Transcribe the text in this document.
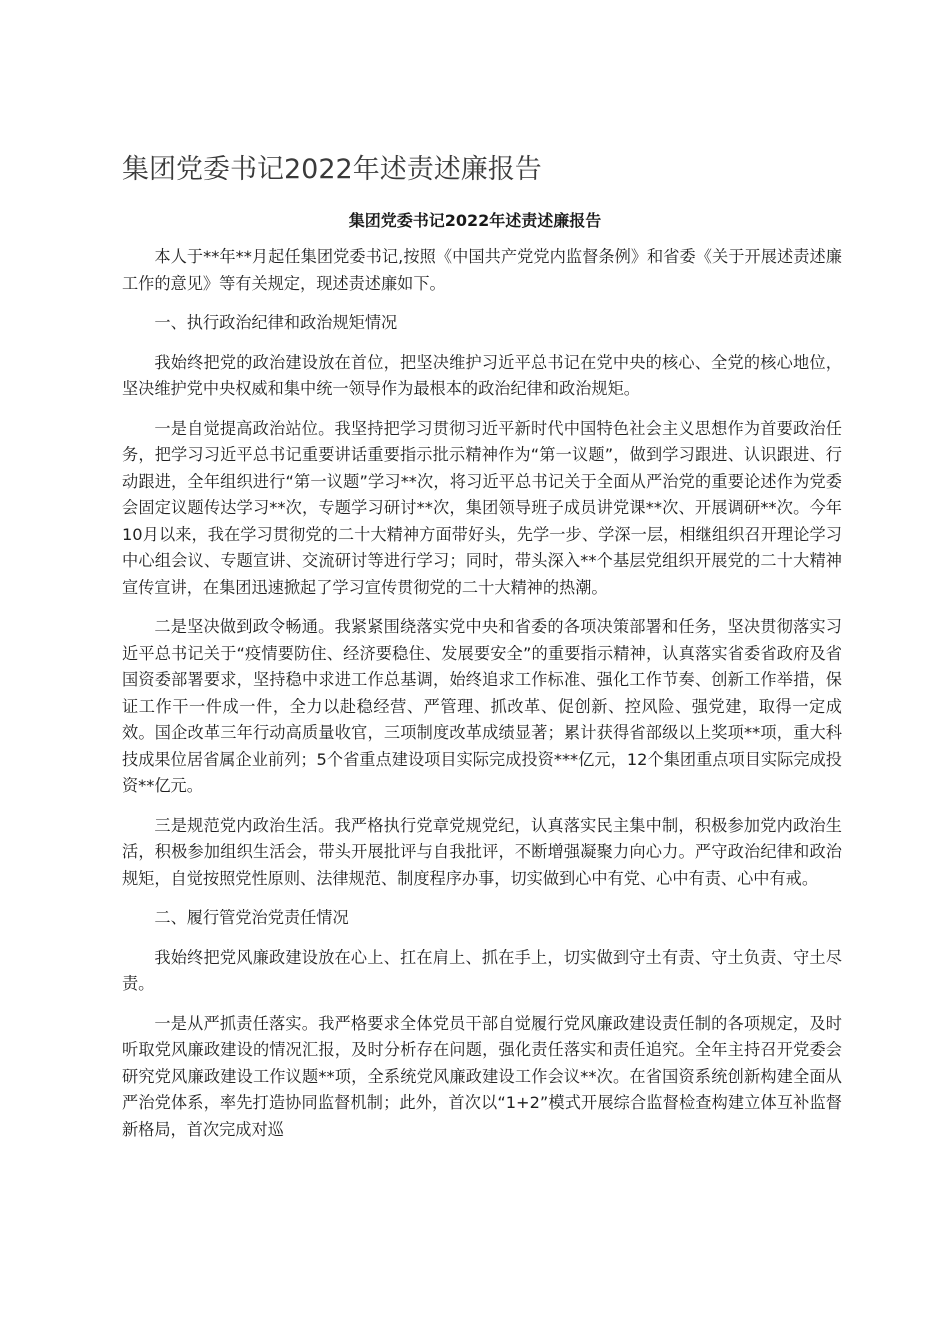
集团党委书记2022年述责述廉报告
集团党委书记2022年述责述廉报告

本人于**年**月起任集团党委书记,按照《中国共产党党内监督条例》和省委《关于开展述责述廉工作的意见》等有关规定，现述责述廉如下。

一、执行政治纪律和政治规矩情况

我始终把党的政治建设放在首位，把坚决维护习近平总书记在党中央的核心、全党的核心地位，坚决维护党中央权威和集中统一领导作为最根本的政治纪律和政治规矩。

一是自觉提高政治站位。我坚持把学习贯彻习近平新时代中国特色社会主义思想作为首要政治任务，把学习习近平总书记重要讲话重要指示批示精神作为“第一议题”，做到学习跟进、认识跟进、行动跟进，全年组织进行“第一议题”学习**次，将习近平总书记关于全面从严治党的重要论述作为党委会固定议题传达学习**次，专题学习研讨**次，集团领导班子成员讲党课**次、开展调研**次。今年10月以来，我在学习贯彻党的二十大精神方面带好头，先学一步、学深一层，相继组织召开理论学习中心组会议、专题宣讲、交流研讨等进行学习；同时，带头深入**个基层党组织开展党的二十大精神宣传宣讲，在集团迅速掀起了学习宣传贯彻党的二十大精神的热潮。

二是坚决做到政令畅通。我紧紧围绕落实党中央和省委的各项决策部署和任务，坚决贯彻落实习近平总书记关于“疫情要防住、经济要稳住、发展要安全”的重要指示精神，认真落实省委省政府及省国资委部署要求，坚持稳中求进工作总基调，始终追求工作标准、强化工作节奏、创新工作举措，保证工作干一件成一件，全力以赴稳经营、严管理、抓改革、促创新、控风险、强党建，取得一定成效。国企改革三年行动高质量收官，三项制度改革成绩显著；累计获得省部级以上奖项**项，重大科技成果位居省属企业前列；5个省重点建设项目实际完成投资***亿元，12个集团重点项目实际完成投资**亿元。

三是规范党内政治生活。我严格执行党章党规党纪，认真落实民主集中制，积极参加党内政治生活，积极参加组织生活会，带头开展批评与自我批评，不断增强凝聚力向心力。严守政治纪律和政治规矩，自觉按照党性原则、法律规范、制度程序办事，切实做到心中有党、心中有责、心中有戒。

二、履行管党治党责任情况

我始终把党风廉政建设放在心上、扛在肩上、抓在手上，切实做到守土有责、守土负责、守土尽责。

一是从严抓责任落实。我严格要求全体党员干部自觉履行党风廉政建设责任制的各项规定，及时听取党风廉政建设的情况汇报，及时分析存在问题，强化责任落实和责任追究。全年主持召开党委会研究党风廉政建设工作议题**项，全系统党风廉政建设工作会议**次。在省国资系统创新构建全面从严治党体系，率先打造协同监督机制；此外，首次以“1+2”模式开展综合监督检查构建立体互补监督新格局，首次完成对巡
